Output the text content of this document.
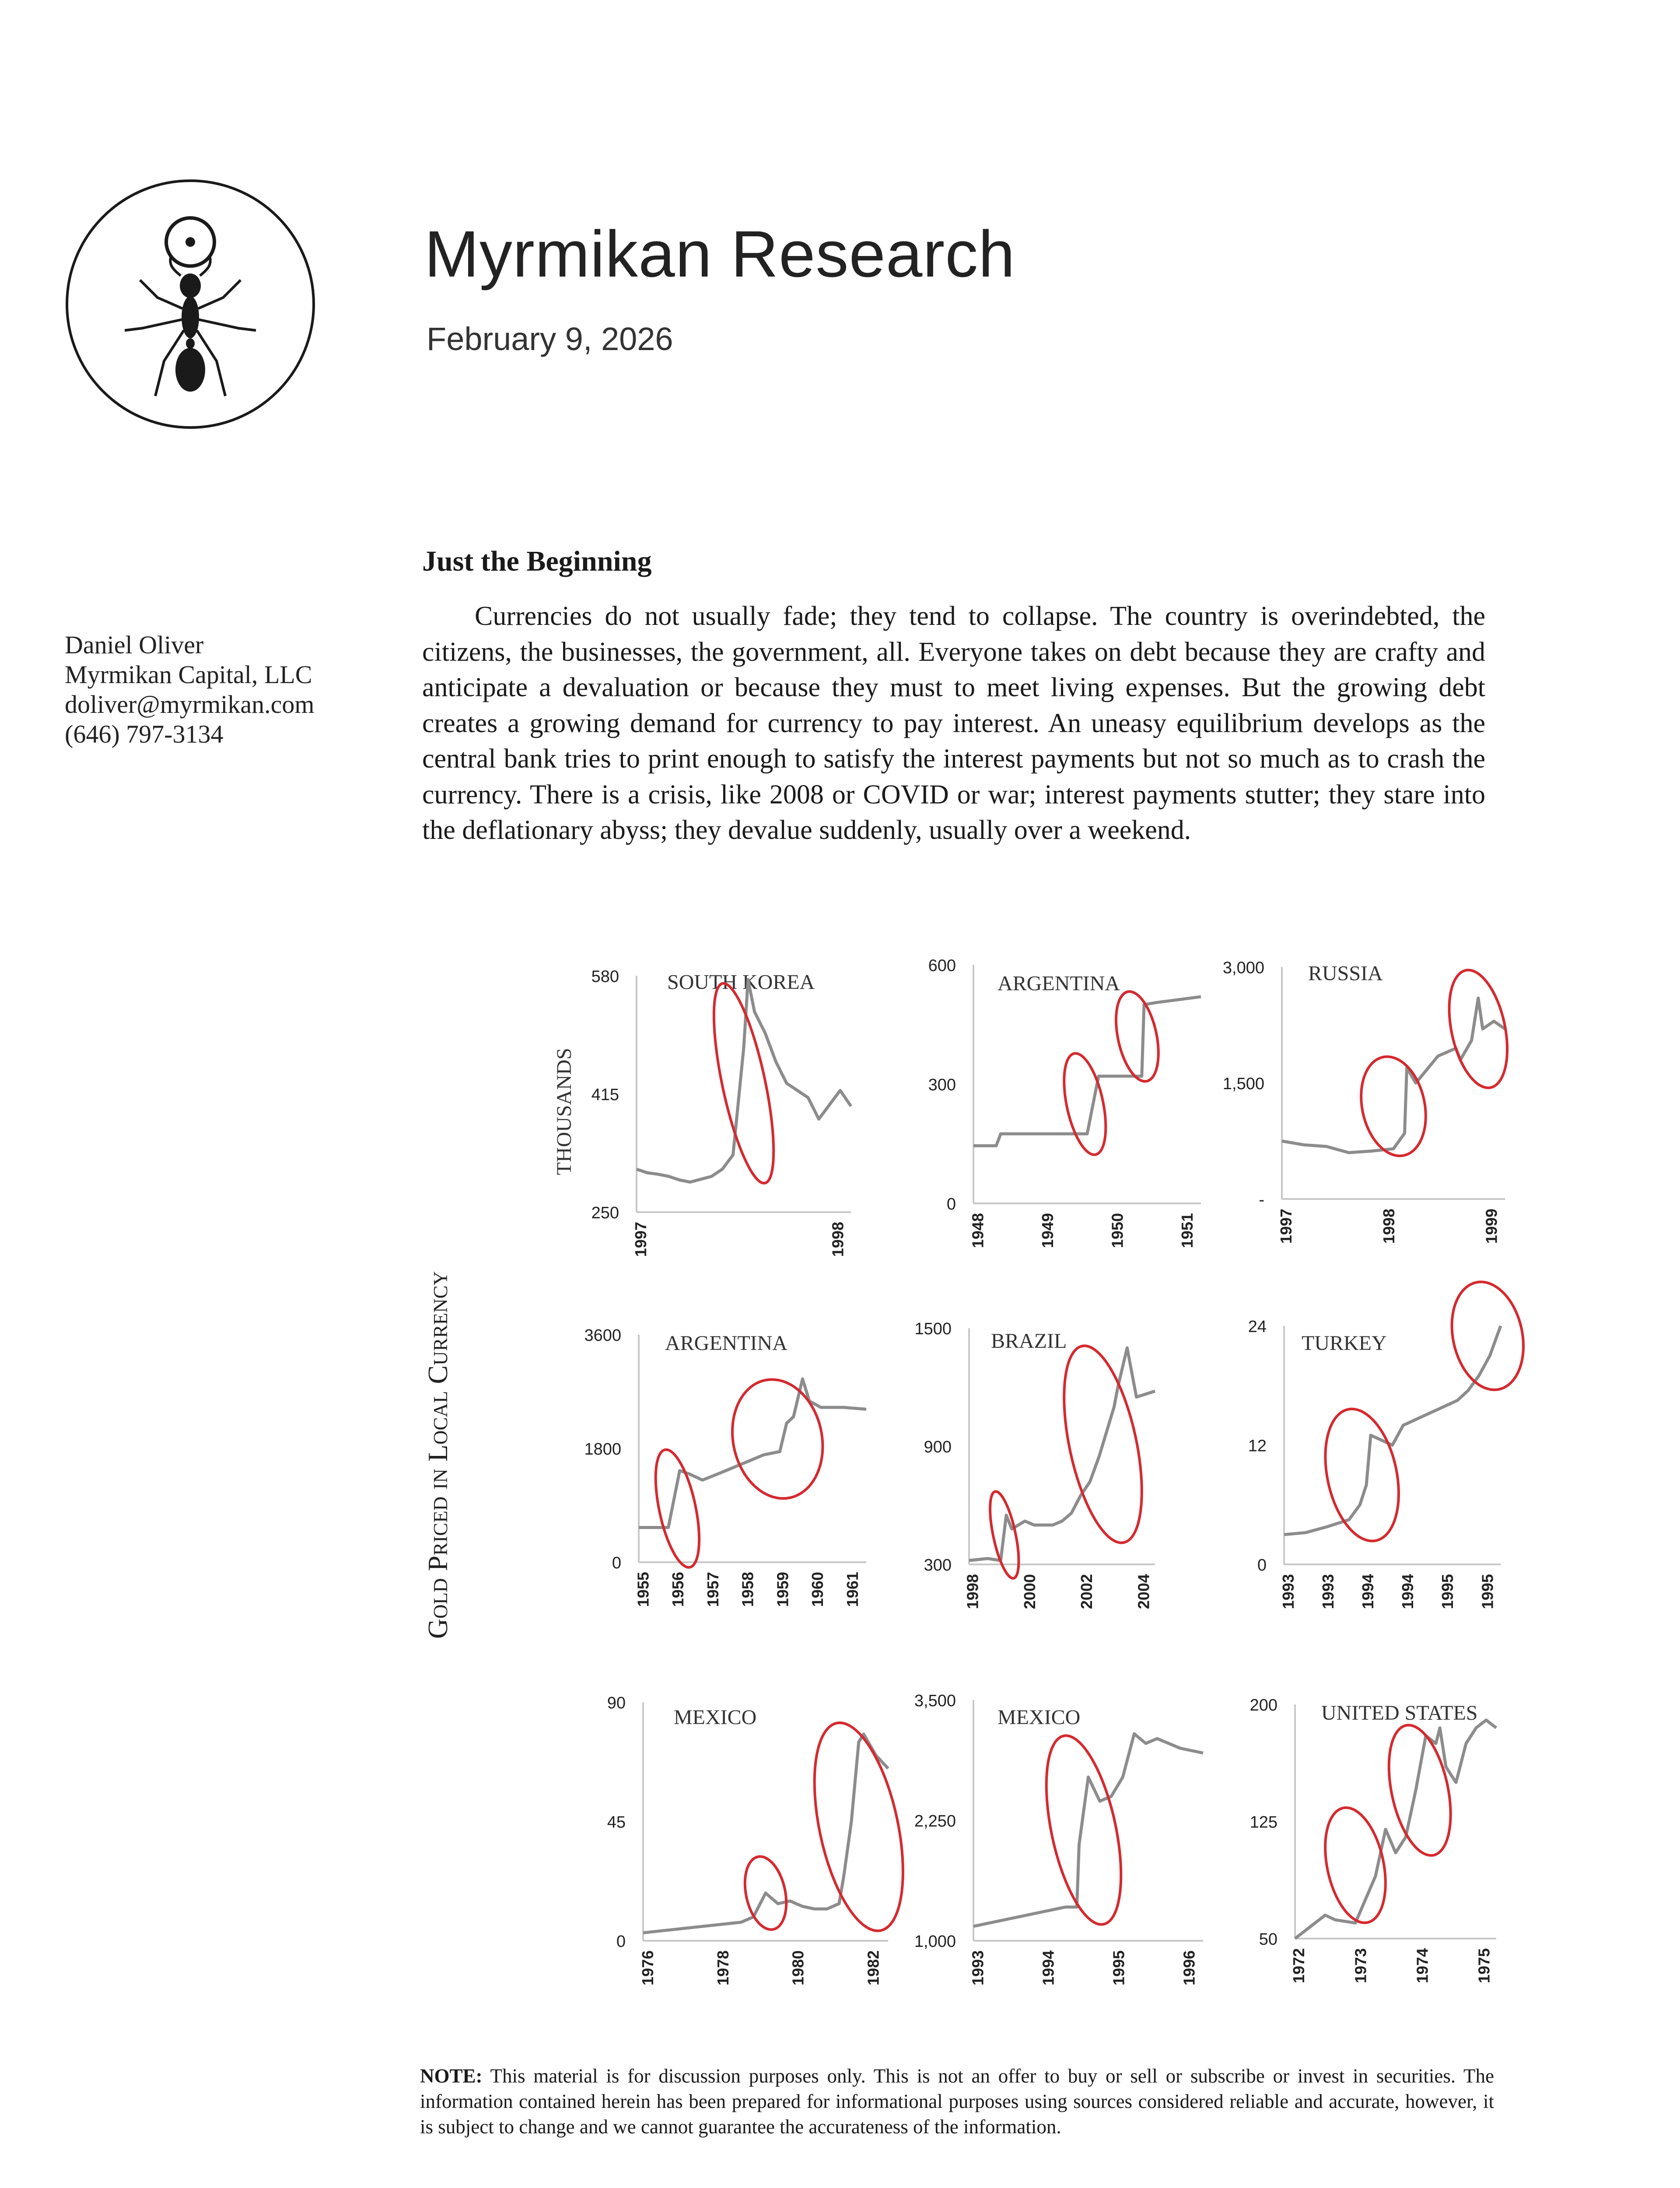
Myrmikan Research
February 9, 2026
Daniel Oliver
Myrmikan Capital, LLC
doliver@myrmikan.com
(646) 797-3134
Just the Beginning

Currencies do not usually fade; they tend to collapse. The country is overindebted, the citizens, the businesses, the government, all. Everyone takes on debt because they are crafty and anticipate a devaluation or because they must to meet living expenses. But the growing debt creates a growing demand for currency to pay interest. An uneasy equilibrium develops as the central bank tries to print enough to satisfy the interest payments but not so much as to crash the currency. There is a crisis, like 2008 or COVID or war; interest payments stutter; they stare into the deflationary abyss; they devalue suddenly, usually over a weekend.

Gold Priced in Local Currency
SOUTH KOREA
580
415
250
1997	1998
THOUSANDS
ARGENTINA
600
300
0
1948	1949	1950	1951
RUSSIA
3,000
1,500
-
1997	1998	1999
ARGENTINA
3600
1800
0
1955 1956 1957 1958 1959 1960 1961
BRAZIL
1500
900
300
1998 2000 2002 2004
TURKEY
24
12
0
1993 1993 1994 1994 1995 1995
MEXICO
90
45
0
1976	1978	1980	1982
MEXICO
3,500
2,250
1,000
1993	1994	1995	1996
UNITED STATES
200
125
50
1972	1973	1974	1975

NOTE: This material is for discussion purposes only. This is not an offer to buy or sell or subscribe or invest in securities. The information contained herein has been prepared for informational purposes using sources considered reliable and accurate, however, it is subject to change and we cannot guarantee the accurateness of the information.
